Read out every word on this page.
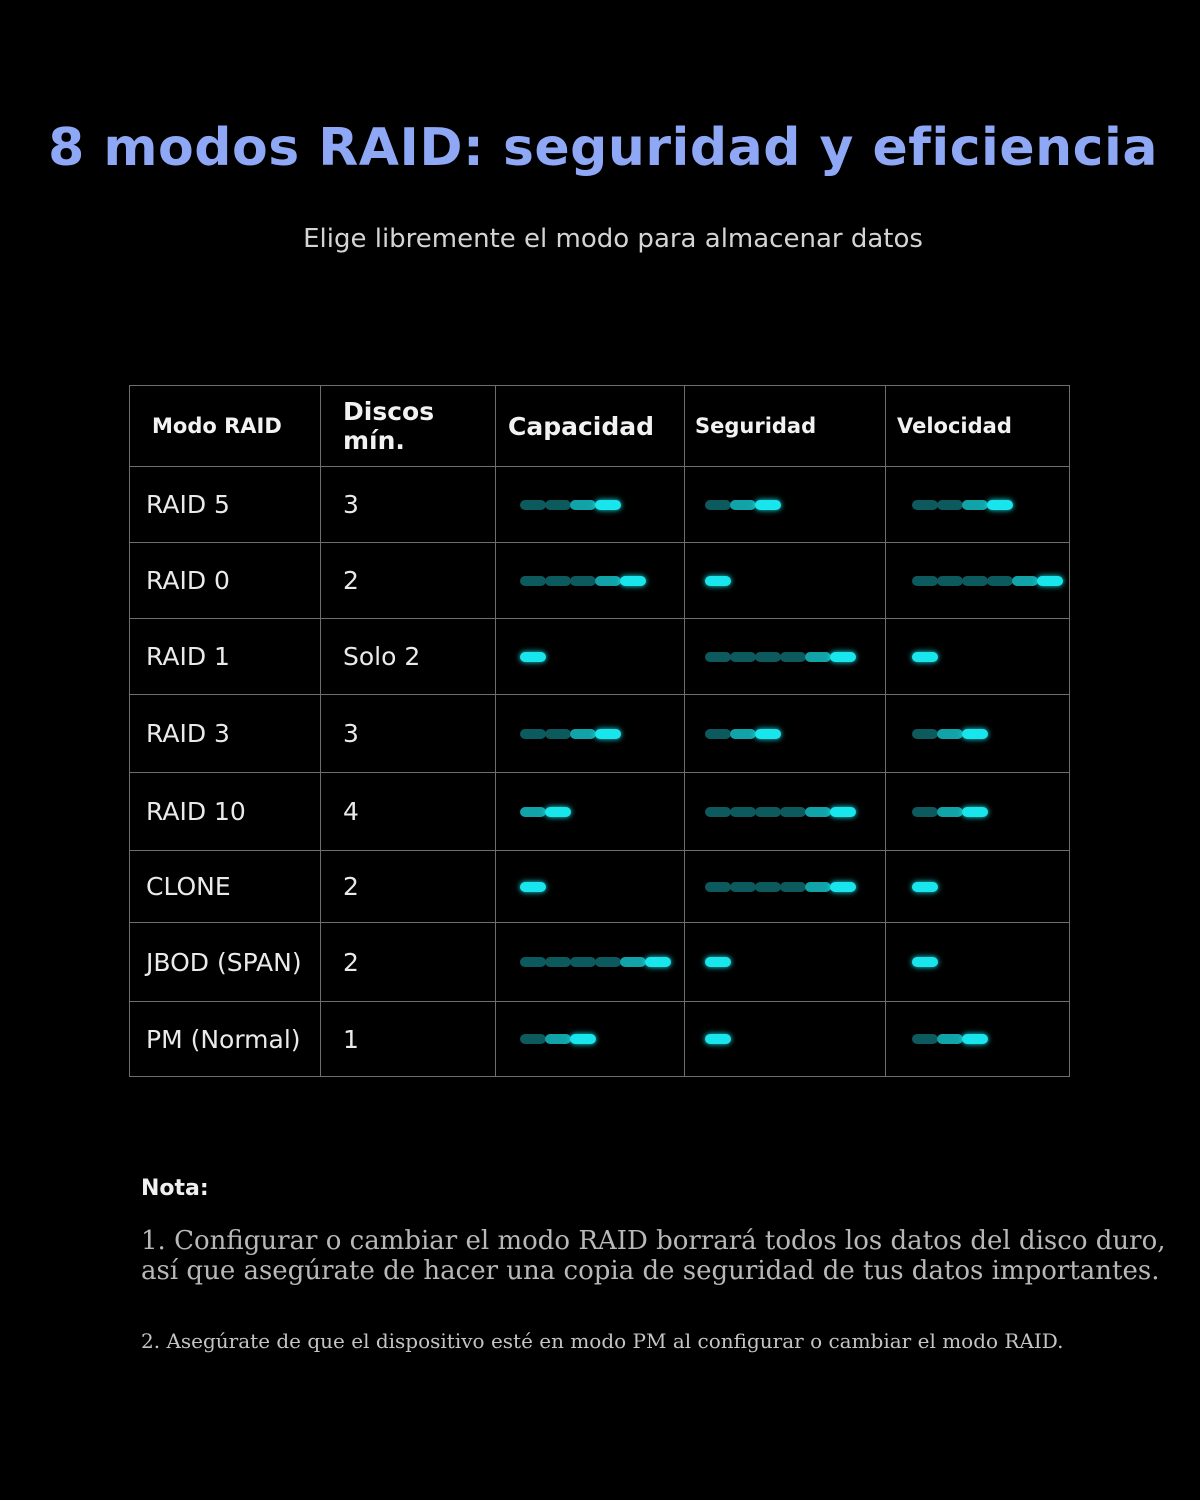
8 modos RAID: seguridad y eficiencia
Elige libremente el modo para almacenar datos
Modo RAID	Discos mín.	Capacidad	Seguridad	Velocidad
RAID 5	3	

RAID 0	2	

RAID 1	Solo 2	

RAID 3	3	

RAID 10	4	

CLONE	2	

JBOD (SPAN)	2	

PM (Normal)	1	

Nota:
1. Configurar o cambiar el modo RAID borrará todos los datos del disco duro, así que asegúrate de hacer una copia de seguridad de tus datos importantes.
2. Asegúrate de que el dispositivo esté en modo PM al configurar o cambiar el modo RAID.
